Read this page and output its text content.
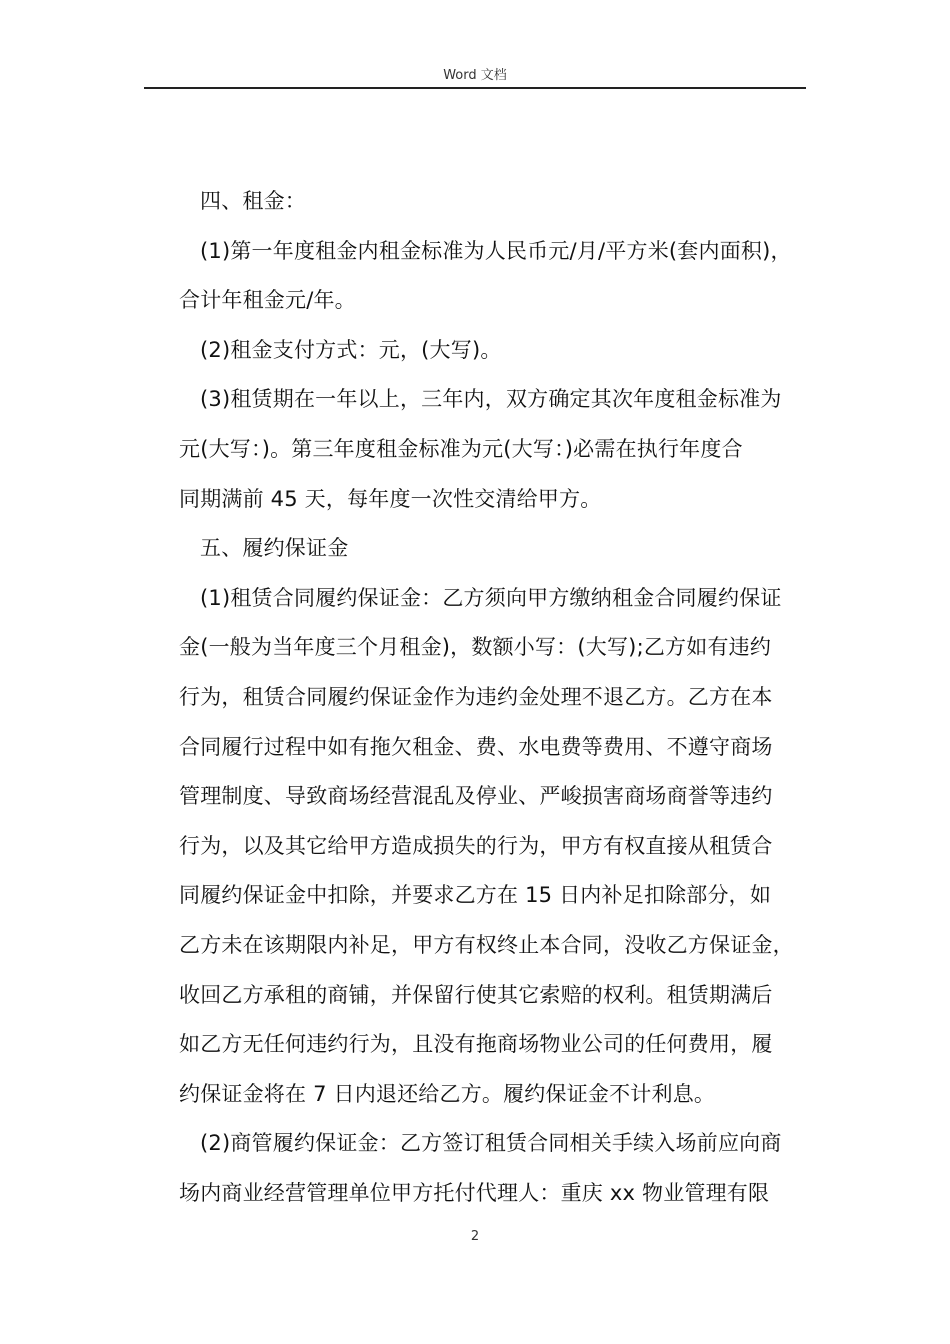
Word 文档
四、租金：
(1)第一年度租金内租金标准为人民币元/月/平方米(套内面积)，
合计年租金元/年。
(2)租金支付方式：元，(大写)。
(3)租赁期在一年以上，三年内，双方确定其次年度租金标准为
元(大写：)。第三年度租金标准为元(大写：)必需在执行年度合
同期满前 45 天，每年度一次性交清给甲方。
五、履约保证金
(1)租赁合同履约保证金：乙方须向甲方缴纳租金合同履约保证
金(一般为当年度三个月租金)，数额小写：(大写);乙方如有违约
行为，租赁合同履约保证金作为违约金处理不退乙方。乙方在本
合同履行过程中如有拖欠租金、费、水电费等费用、不遵守商场
管理制度、导致商场经营混乱及停业、严峻损害商场商誉等违约
行为，以及其它给甲方造成损失的行为，甲方有权直接从租赁合
同履约保证金中扣除，并要求乙方在 15 日内补足扣除部分，如
乙方未在该期限内补足，甲方有权终止本合同，没收乙方保证金，
收回乙方承租的商铺，并保留行使其它索赔的权利。租赁期满后
如乙方无任何违约行为，且没有拖商场物业公司的任何费用，履
约保证金将在 7 日内退还给乙方。履约保证金不计利息。
(2)商管履约保证金：乙方签订租赁合同相关手续入场前应向商
场内商业经营管理单位甲方托付代理人：重庆 xx 物业管理有限
2
